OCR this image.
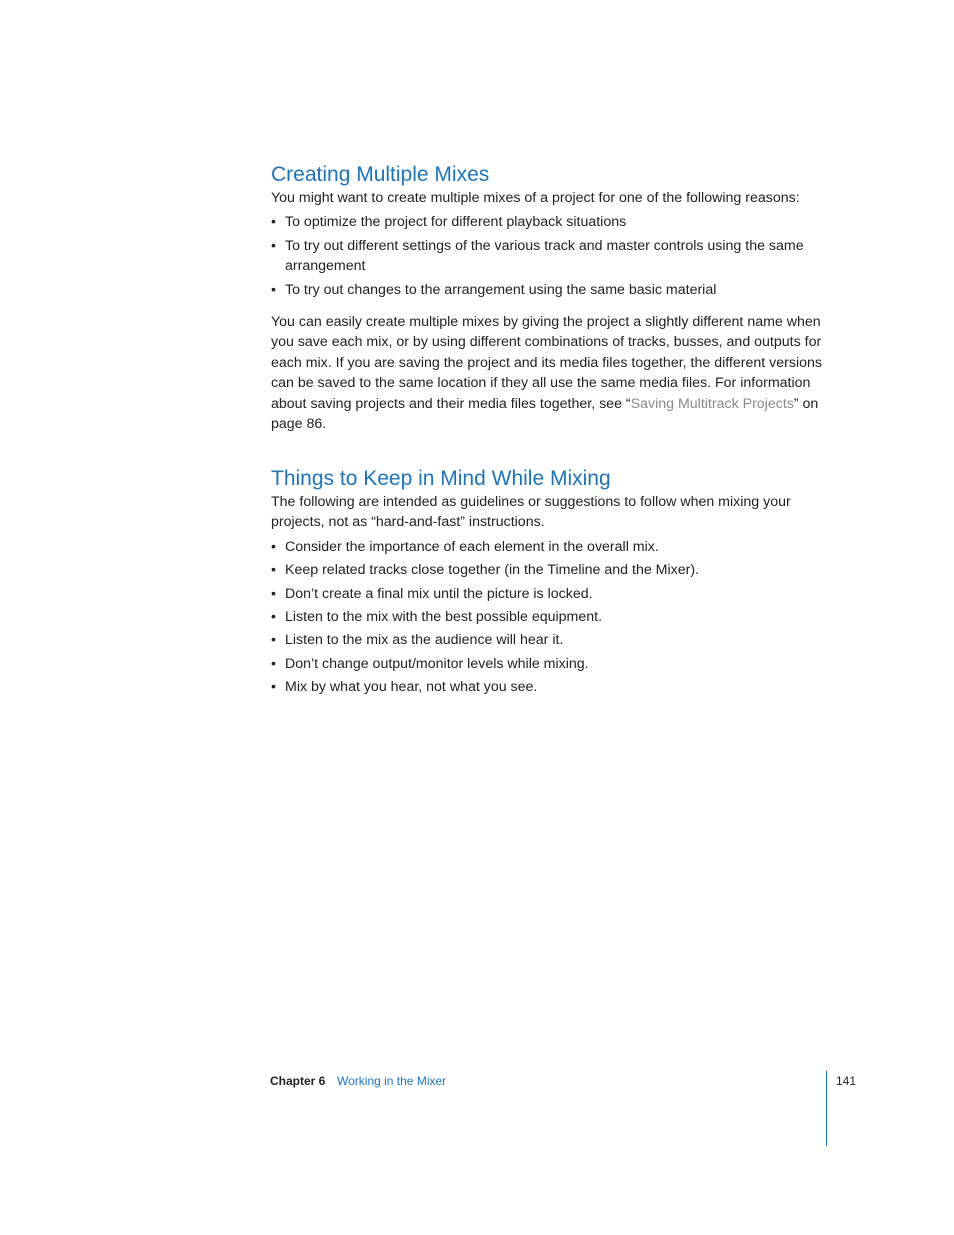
Creating Multiple Mixes

You might want to create multiple mixes of a project for one of the following reasons:

• To optimize the project for different playback situations
• To try out different settings of the various track and master controls using the same arrangement
• To try out changes to the arrangement using the same basic material

You can easily create multiple mixes by giving the project a slightly different name when you save each mix, or by using different combinations of tracks, busses, and outputs for each mix. If you are saving the project and its media files together, the different versions can be saved to the same location if they all use the same media files. For information about saving projects and their media files together, see “Saving Multitrack Projects” on page 86.

Things to Keep in Mind While Mixing

The following are intended as guidelines or suggestions to follow when mixing your projects, not as “hard-and-fast” instructions.

• Consider the importance of each element in the overall mix.
• Keep related tracks close together (in the Timeline and the Mixer).
• Don’t create a final mix until the picture is locked.
• Listen to the mix with the best possible equipment.
• Listen to the mix as the audience will hear it.
• Don’t change output/monitor levels while mixing.
• Mix by what you hear, not what you see.
Chapter 6 Working in the Mixer	141
